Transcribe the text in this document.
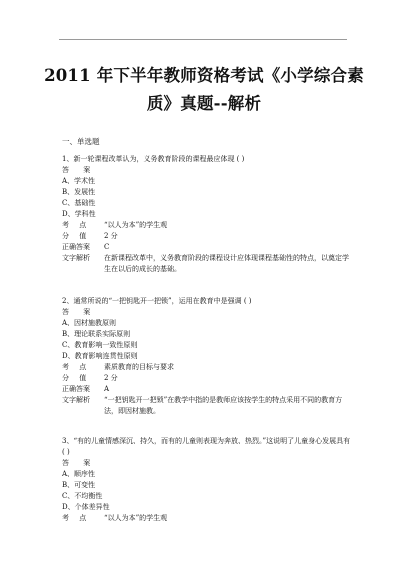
2011 年下半年教师资格考试《小学综合素
质》真题--解析
一、单选题
1、新一轮课程改革认为，义务教育阶段的课程最应体现 ( )
答 案
A、学术性
B、发展性
C、基础性
D、学科性
考 点	“以人为本”的学生观
分 值	2 分
正确答案	C
文字解析	在新课程改革中，义务教育阶段的课程设计应体现课程基础性的特点，以奠定学生在以后的成长的基础。
2、通常所说的“一把钥匙开一把锁”，运用在教育中是强调 ( )
答 案
A、因材施教原则
B、理论联系实际原则
C、教育影响一致性原则
D、教育影响连贯性原则
考 点	素质教育的目标与要求
分 值	2 分
正确答案	A
文字解析	“一把钥匙开一把锁”在教学中指的是教师应该按学生的特点采用不同的教育方法，即因材施教。
3、“有的儿童情感深沉、持久，而有的儿童则表现为奔放、热烈。”这说明了儿童身心发展具有 ( )
答 案
A、顺序性
B、可变性
C、不均衡性
D、个体差异性
考 点	“以人为本”的学生观
